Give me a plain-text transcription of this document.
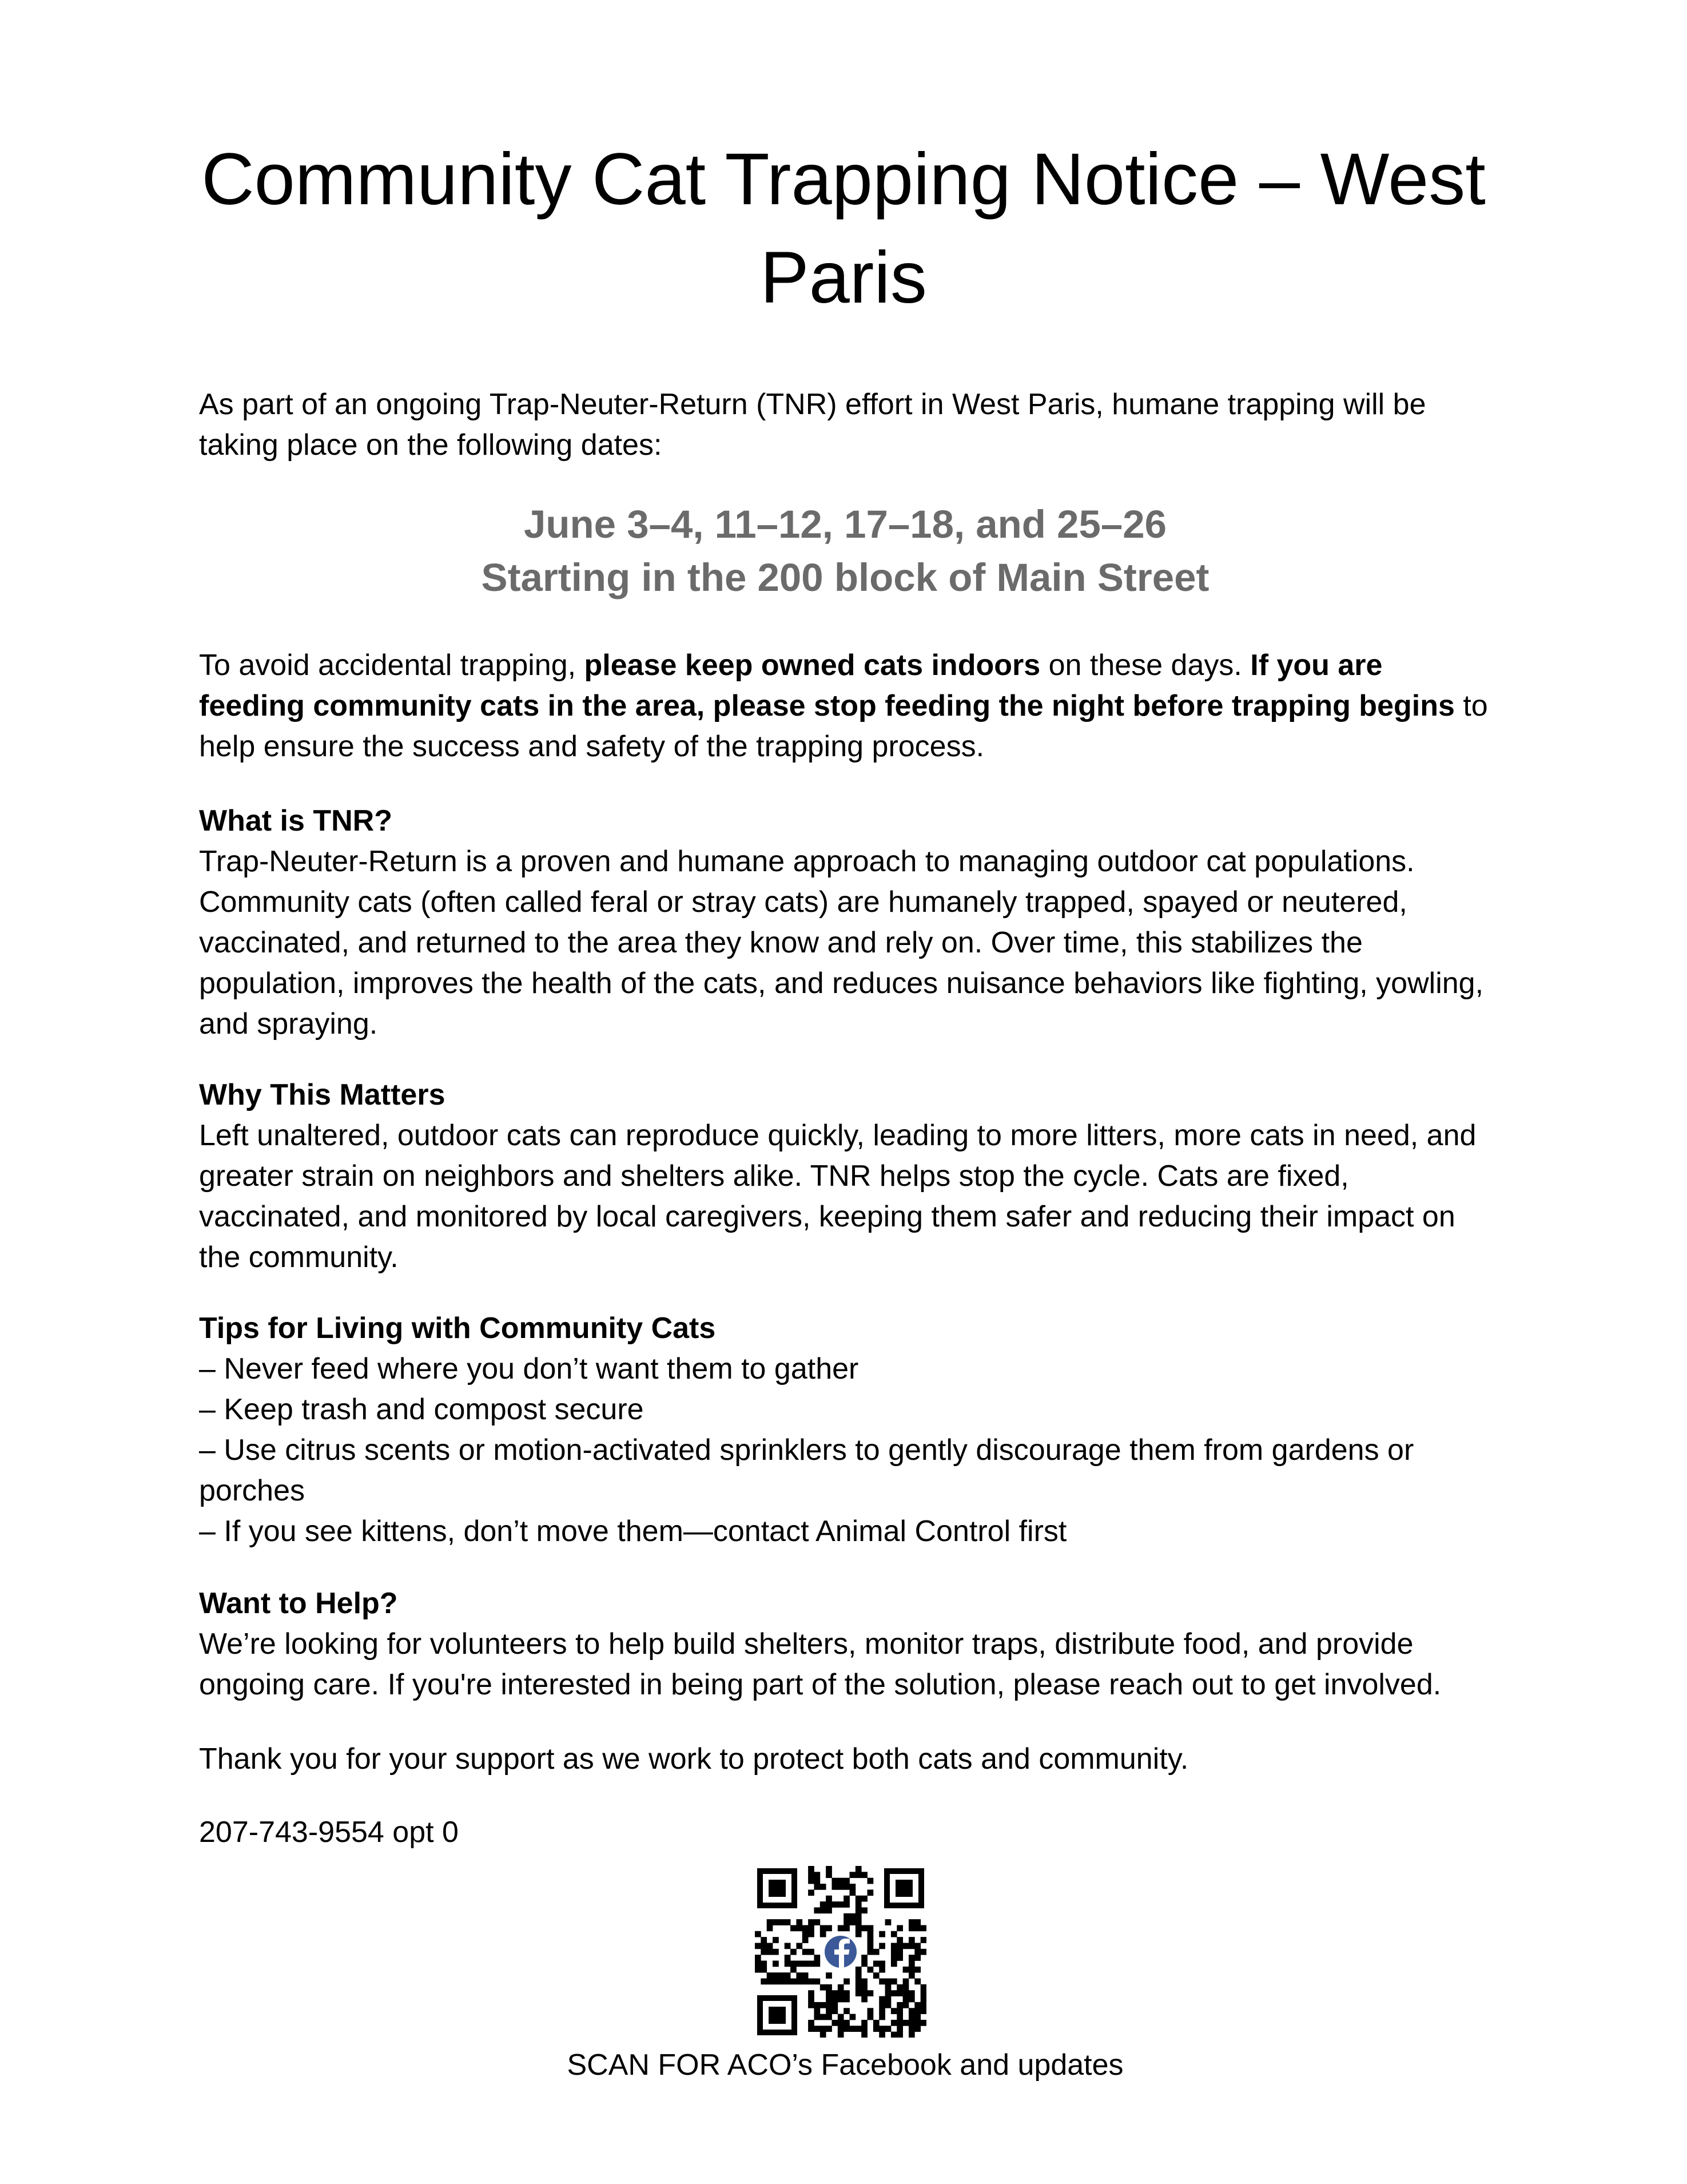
Community Cat Trapping Notice – West Paris

As part of an ongoing Trap-Neuter-Return (TNR) effort in West Paris, humane trapping will be taking place on the following dates:

June 3–4, 11–12, 17–18, and 25–26
Starting in the 200 block of Main Street

To avoid accidental trapping, please keep owned cats indoors on these days. If you are feeding community cats in the area, please stop feeding the night before trapping begins to help ensure the success and safety of the trapping process.

What is TNR?
Trap-Neuter-Return is a proven and humane approach to managing outdoor cat populations. Community cats (often called feral or stray cats) are humanely trapped, spayed or neutered, vaccinated, and returned to the area they know and rely on. Over time, this stabilizes the population, improves the health of the cats, and reduces nuisance behaviors like fighting, yowling, and spraying.
Why This Matters
Left unaltered, outdoor cats can reproduce quickly, leading to more litters, more cats in need, and greater strain on neighbors and shelters alike. TNR helps stop the cycle. Cats are fixed, vaccinated, and monitored by local caregivers, keeping them safer and reducing their impact on the community.
Tips for Living with Community Cats
– Never feed where you don’t want them to gather
– Keep trash and compost secure
– Use citrus scents or motion-activated sprinklers to gently discourage them from gardens or porches
– If you see kittens, don’t move them—contact Animal Control first
Want to Help?
We’re looking for volunteers to help build shelters, monitor traps, distribute food, and provide ongoing care. If you're interested in being part of the solution, please reach out to get involved.

Thank you for your support as we work to protect both cats and community.

207-743-9554 opt 0

SCAN FOR ACO’s Facebook and updates
